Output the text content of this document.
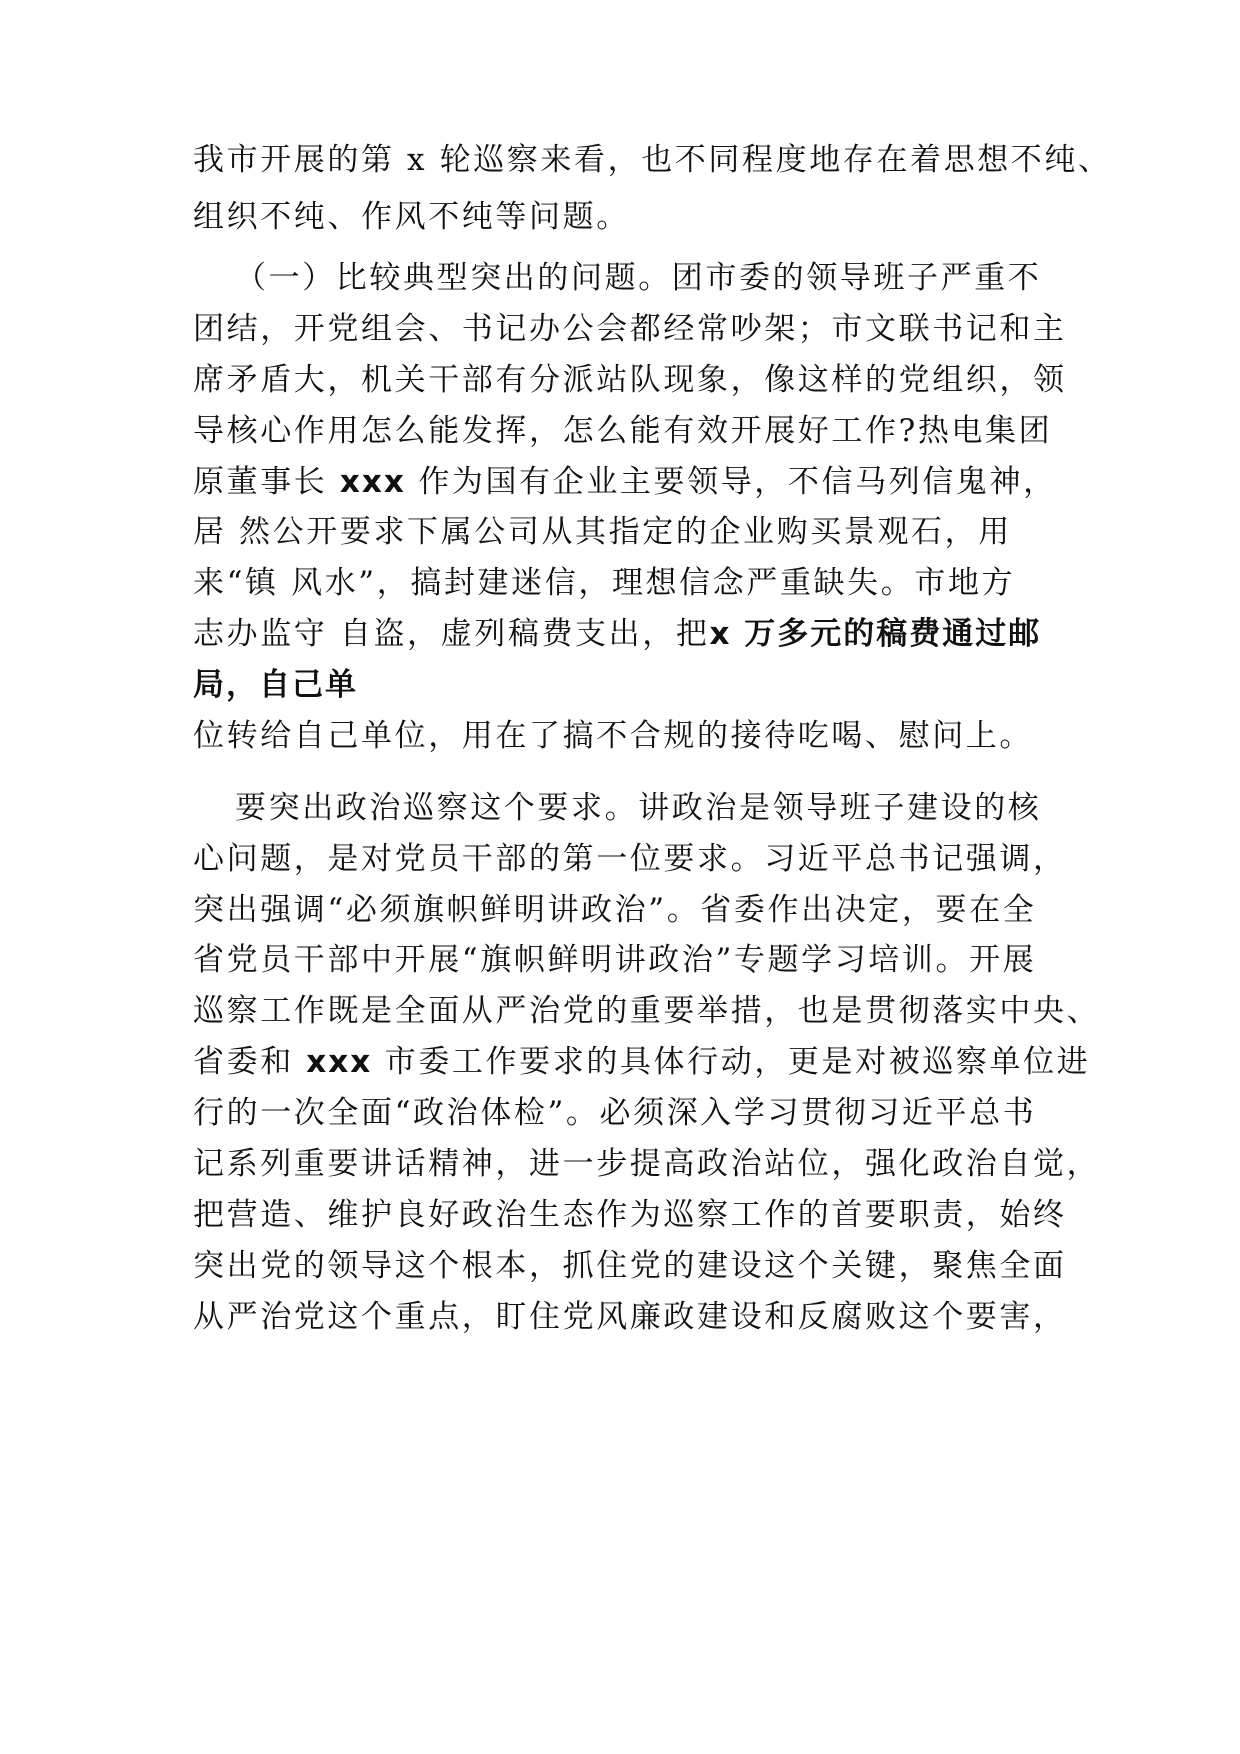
我市开展的第 x 轮巡察来看，也不同程度地存在着思想不纯、
组织不纯、作风不纯等问题。
（一）比较典型突出的问题。团市委的领导班子严重不
团结，开党组会、书记办公会都经常吵架；市文联书记和主
席矛盾大，机关干部有分派站队现象，像这样的党组织，领
导核心作用怎么能发挥，怎么能有效开展好工作?热电集团
原董事长 xxx 作为国有企业主要领导，不信马列信鬼神，
居 然公开要求下属公司从其指定的企业购买景观石，用
来“镇 风水”，搞封建迷信，理想信念严重缺失。市地方
志办监守 自盗，虚列稿费支出，把x 万多元的稿费通过邮
局，自己单
位转给自己单位，用在了搞不合规的接待吃喝、慰问上。
要突出政治巡察这个要求。讲政治是领导班子建设的核
心问题，是对党员干部的第一位要求。习近平总书记强调，
突出强调“必须旗帜鲜明讲政治”。省委作出决定，要在全
省党员干部中开展“旗帜鲜明讲政治”专题学习培训。开展
巡察工作既是全面从严治党的重要举措，也是贯彻落实中央、
省委和 xxx 市委工作要求的具体行动，更是对被巡察单位进
行的一次全面“政治体检”。必须深入学习贯彻习近平总书
记系列重要讲话精神，进一步提高政治站位，强化政治自觉，
把营造、维护良好政治生态作为巡察工作的首要职责，始终
突出党的领导这个根本，抓住党的建设这个关键，聚焦全面
从严治党这个重点，盯住党风廉政建设和反腐败这个要害，
